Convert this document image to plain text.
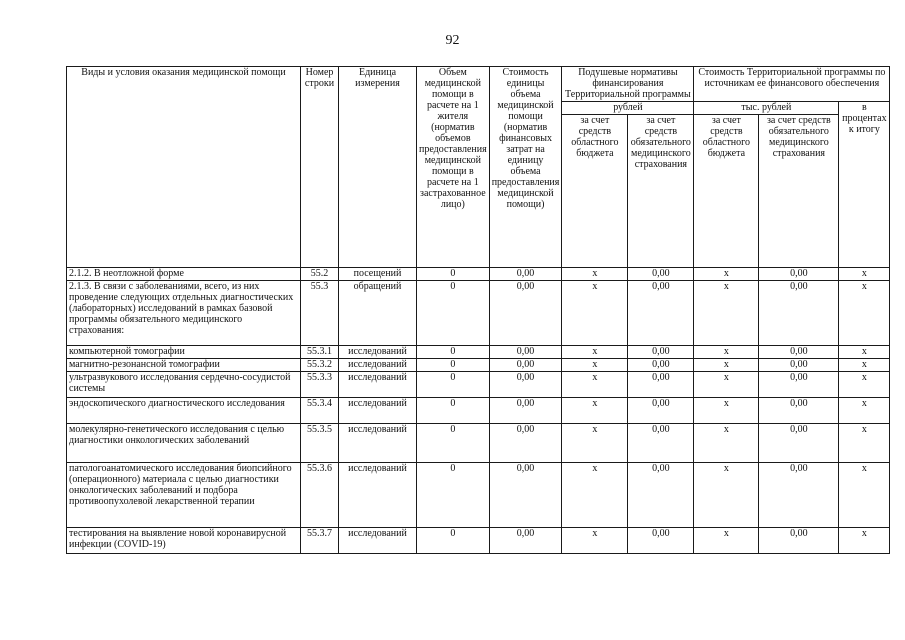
92
Виды и условия оказания медицинской помощи	Номер строки	Единица измерения	Объем медицинской помощи в расчете на 1 жителя (норматив объемов предоставления медицинской помощи в расчете на 1 застрахованное лицо)	Стоимость единицы объема медицинской помощи (норматив финансовых затрат на единицу объема предоставления медицинской помощи)	Подушевые нормативы финансирования Территориальной программы		Стоимость Территориальной программы по источникам ее финансового обеспечения		
					рублей		тыс. рублей		в процентах к итогу
					за счет средств областного бюджета	за счет средств обязательного медицинского страхования	за счет средств областного бюджета	за счет средств обязательного медицинского страхования	
2.1.2. В неотложной форме	55.2	посещений	0	0,00	х	0,00	х	0,00	х
2.1.3. В связи с заболеваниями, всего, из них проведение следующих отдельных диагностических (лабораторных) исследований в рамках базовой программы обязательного медицинского страхования:	55.3	обращений	0	0,00	х	0,00	х	0,00	х
компьютерной томографии	55.3.1	исследований	0	0,00	х	0,00	х	0,00	х
магнитно-резонансной томографии	55.3.2	исследований	0	0,00	х	0,00	х	0,00	х
ультразвукового исследования сердечно-сосудистой системы	55.3.3	исследований	0	0,00	х	0,00	х	0,00	х
эндоскопического диагностического исследования	55.3.4	исследований	0	0,00	х	0,00	х	0,00	х
молекулярно-генетического исследования с целью диагностики онкологических заболеваний	55.3.5	исследований	0	0,00	х	0,00	х	0,00	х
патологоанатомического исследования биопсийного (операционного) материала с целью диагностики онкологических заболеваний и подбора противоопухолевой лекарственной терапии	55.3.6	исследований	0	0,00	х	0,00	х	0,00	х
тестирования на выявление новой коронавирусной инфекции (COVID-19)	55.3.7	исследований	0	0,00	х	0,00	х	0,00	х
